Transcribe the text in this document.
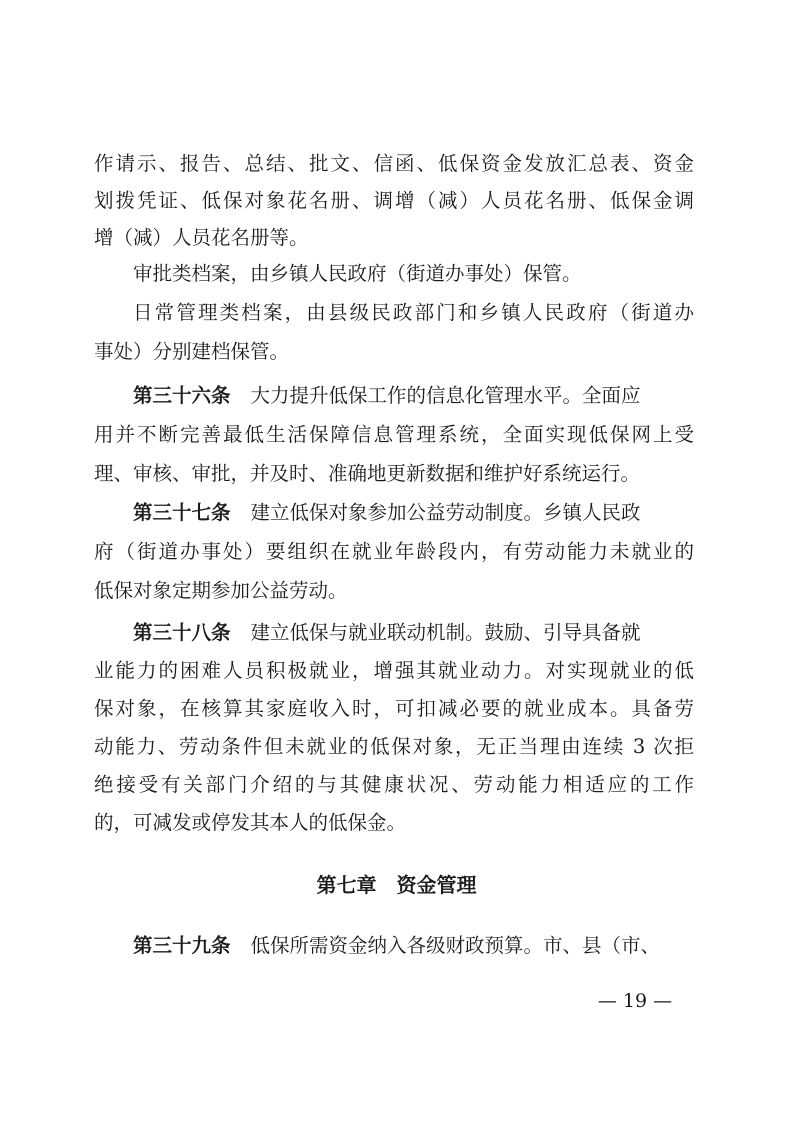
作请示、报告、总结、批文、信函、低保资金发放汇总表、资金
划拨凭证、低保对象花名册、调增（减）人员花名册、低保金调
增（减）人员花名册等。
审批类档案，由乡镇人民政府（街道办事处）保管。
日常管理类档案，由县级民政部门和乡镇人民政府（街道办
事处）分别建档保管。
第三十六条 大力提升低保工作的信息化管理水平。全面应
用并不断完善最低生活保障信息管理系统，全面实现低保网上受
理、审核、审批，并及时、准确地更新数据和维护好系统运行。
第三十七条 建立低保对象参加公益劳动制度。乡镇人民政
府（街道办事处）要组织在就业年龄段内，有劳动能力未就业的
低保对象定期参加公益劳动。
第三十八条 建立低保与就业联动机制。鼓励、引导具备就
业能力的困难人员积极就业，增强其就业动力。对实现就业的低
保对象，在核算其家庭收入时，可扣减必要的就业成本。具备劳
动能力、劳动条件但未就业的低保对象，无正当理由连续 3 次拒
绝接受有关部门介绍的与其健康状况、劳动能力相适应的工作
的，可减发或停发其本人的低保金。
第七章 资金管理
第三十九条 低保所需资金纳入各级财政预算。市、县（市、
— 19 —
